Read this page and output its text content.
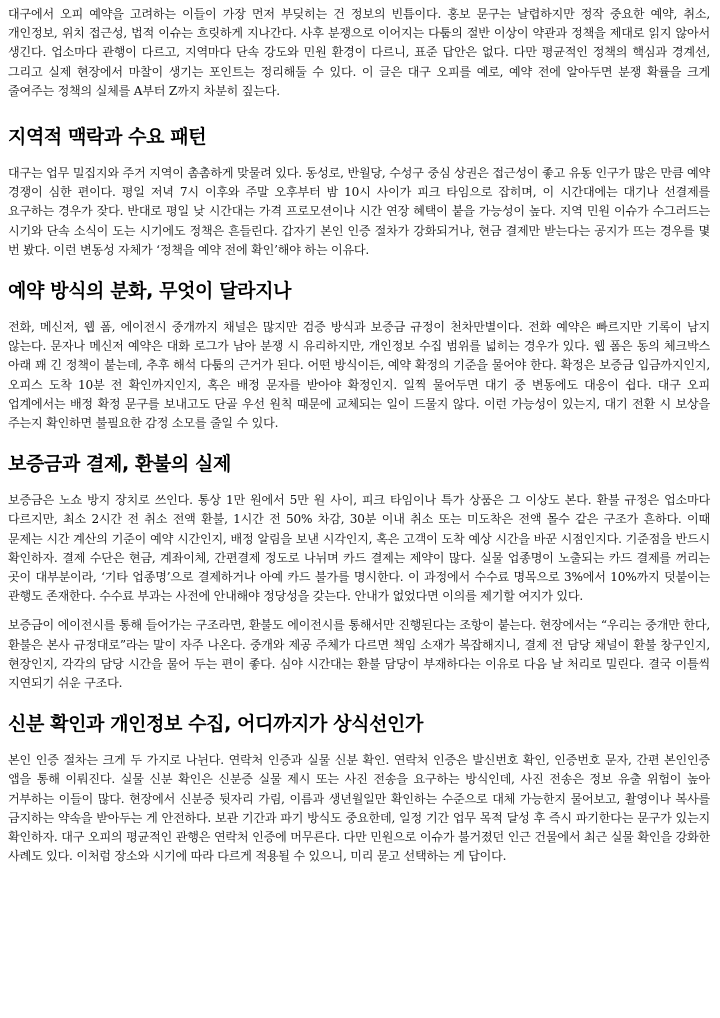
대구에서 오피 예약을 고려하는 이들이 가장 먼저 부딪히는 건 정보의 빈틈이다. 홍보 문구는 날렵하지만 정작 중요한 예약, 취소, 개인정보, 위치 접근성, 법적 이슈는 흐릿하게 지나간다. 사후 분쟁으로 이어지는 다툼의 절반 이상이 약관과 정책을 제대로 읽지 않아서 생긴다. 업소마다 관행이 다르고, 지역마다 단속 강도와 민원 환경이 다르니, 표준 답안은 없다. 다만 평균적인 정책의 핵심과 경계선, 그리고 실제 현장에서 마찰이 생기는 포인트는 정리해둘 수 있다. 이 글은 대구 오피를 예로, 예약 전에 알아두면 분쟁 확률을 크게 줄여주는 정책의 실체를 A부터 Z까지 차분히 짚는다.

지역적 맥락과 수요 패턴

대구는 업무 밀집지와 주거 지역이 촘촘하게 맞물려 있다. 동성로, 반월당, 수성구 중심 상권은 접근성이 좋고 유동 인구가 많은 만큼 예약 경쟁이 심한 편이다. 평일 저녁 7시 이후와 주말 오후부터 밤 10시 사이가 피크 타임으로 잡히며, 이 시간대에는 대기나 선결제를 요구하는 경우가 잦다. 반대로 평일 낮 시간대는 가격 프로모션이나 시간 연장 혜택이 붙을 가능성이 높다. 지역 민원 이슈가 수그러드는 시기와 단속 소식이 도는 시기에도 정책은 흔들린다. 갑자기 본인 인증 절차가 강화되거나, 현금 결제만 받는다는 공지가 뜨는 경우를 몇 번 봤다. 이런 변동성 자체가 ‘정책을 예약 전에 확인’해야 하는 이유다.

예약 방식의 분화, 무엇이 달라지나

전화, 메신저, 웹 폼, 에이전시 중개까지 채널은 많지만 검증 방식과 보증금 규정이 천차만별이다. 전화 예약은 빠르지만 기록이 남지 않는다. 문자나 메신저 예약은 대화 로그가 남아 분쟁 시 유리하지만, 개인정보 수집 범위를 넓히는 경우가 있다. 웹 폼은 동의 체크박스 아래 꽤 긴 정책이 붙는데, 추후 해석 다툼의 근거가 된다. 어떤 방식이든, 예약 확정의 기준을 물어야 한다. 확정은 보증금 입금까지인지, 오피스 도착 10분 전 확인까지인지, 혹은 배정 문자를 받아야 확정인지. 일찍 물어두면 대기 중 변동에도 대응이 쉽다. 대구 오피 업계에서는 배정 확정 문구를 보내고도 단골 우선 원칙 때문에 교체되는 일이 드물지 않다. 이런 가능성이 있는지, 대기 전환 시 보상을 주는지 확인하면 불필요한 감정 소모를 줄일 수 있다.

보증금과 결제, 환불의 실제

보증금은 노쇼 방지 장치로 쓰인다. 통상 1만 원에서 5만 원 사이, 피크 타임이나 특가 상품은 그 이상도 본다. 환불 규정은 업소마다 다르지만, 최소 2시간 전 취소 전액 환불, 1시간 전 50% 차감, 30분 이내 취소 또는 미도착은 전액 몰수 같은 구조가 흔하다. 이때 문제는 시간 계산의 기준이 예약 시간인지, 배정 알림을 보낸 시각인지, 혹은 고객이 도착 예상 시간을 바꾼 시점인지다. 기준점을 반드시 확인하자. 결제 수단은 현금, 계좌이체, 간편결제 정도로 나뉘며 카드 결제는 제약이 많다. 실물 업종명이 노출되는 카드 결제를 꺼리는 곳이 대부분이라, ‘기타 업종명’으로 결제하거나 아예 카드 불가를 명시한다. 이 과정에서 수수료 명목으로 3%에서 10%까지 덧붙이는 관행도 존재한다. 수수료 부과는 사전에 안내해야 정당성을 갖는다. 안내가 없었다면 이의를 제기할 여지가 있다.

보증금이 에이전시를 통해 들어가는 구조라면, 환불도 에이전시를 통해서만 진행된다는 조항이 붙는다. 현장에서는 “우리는 중개만 한다, 환불은 본사 규정대로”라는 말이 자주 나온다. 중개와 제공 주체가 다르면 책임 소재가 복잡해지니, 결제 전 담당 채널이 환불 창구인지, 현장인지, 각각의 담당 시간을 물어 두는 편이 좋다. 심야 시간대는 환불 담당이 부재하다는 이유로 다음 날 처리로 밀린다. 결국 이틀씩 지연되기 쉬운 구조다.

신분 확인과 개인정보 수집, 어디까지가 상식선인가

본인 인증 절차는 크게 두 가지로 나뉜다. 연락처 인증과 실물 신분 확인. 연락처 인증은 발신번호 확인, 인증번호 문자, 간편 본인인증 앱을 통해 이뤄진다. 실물 신분 확인은 신분증 실물 제시 또는 사진 전송을 요구하는 방식인데, 사진 전송은 정보 유출 위험이 높아 거부하는 이들이 많다. 현장에서 신분증 뒷자리 가림, 이름과 생년월일만 확인하는 수준으로 대체 가능한지 물어보고, 촬영이나 복사를 금지하는 약속을 받아두는 게 안전하다. 보관 기간과 파기 방식도 중요한데, 일정 기간 업무 목적 달성 후 즉시 파기한다는 문구가 있는지 확인하자. 대구 오피의 평균적인 관행은 연락처 인증에 머무른다. 다만 민원으로 이슈가 불거졌던 인근 건물에서 최근 실물 확인을 강화한 사례도 있다. 이처럼 장소와 시기에 따라 다르게 적용될 수 있으니, 미리 묻고 선택하는 게 답이다.
